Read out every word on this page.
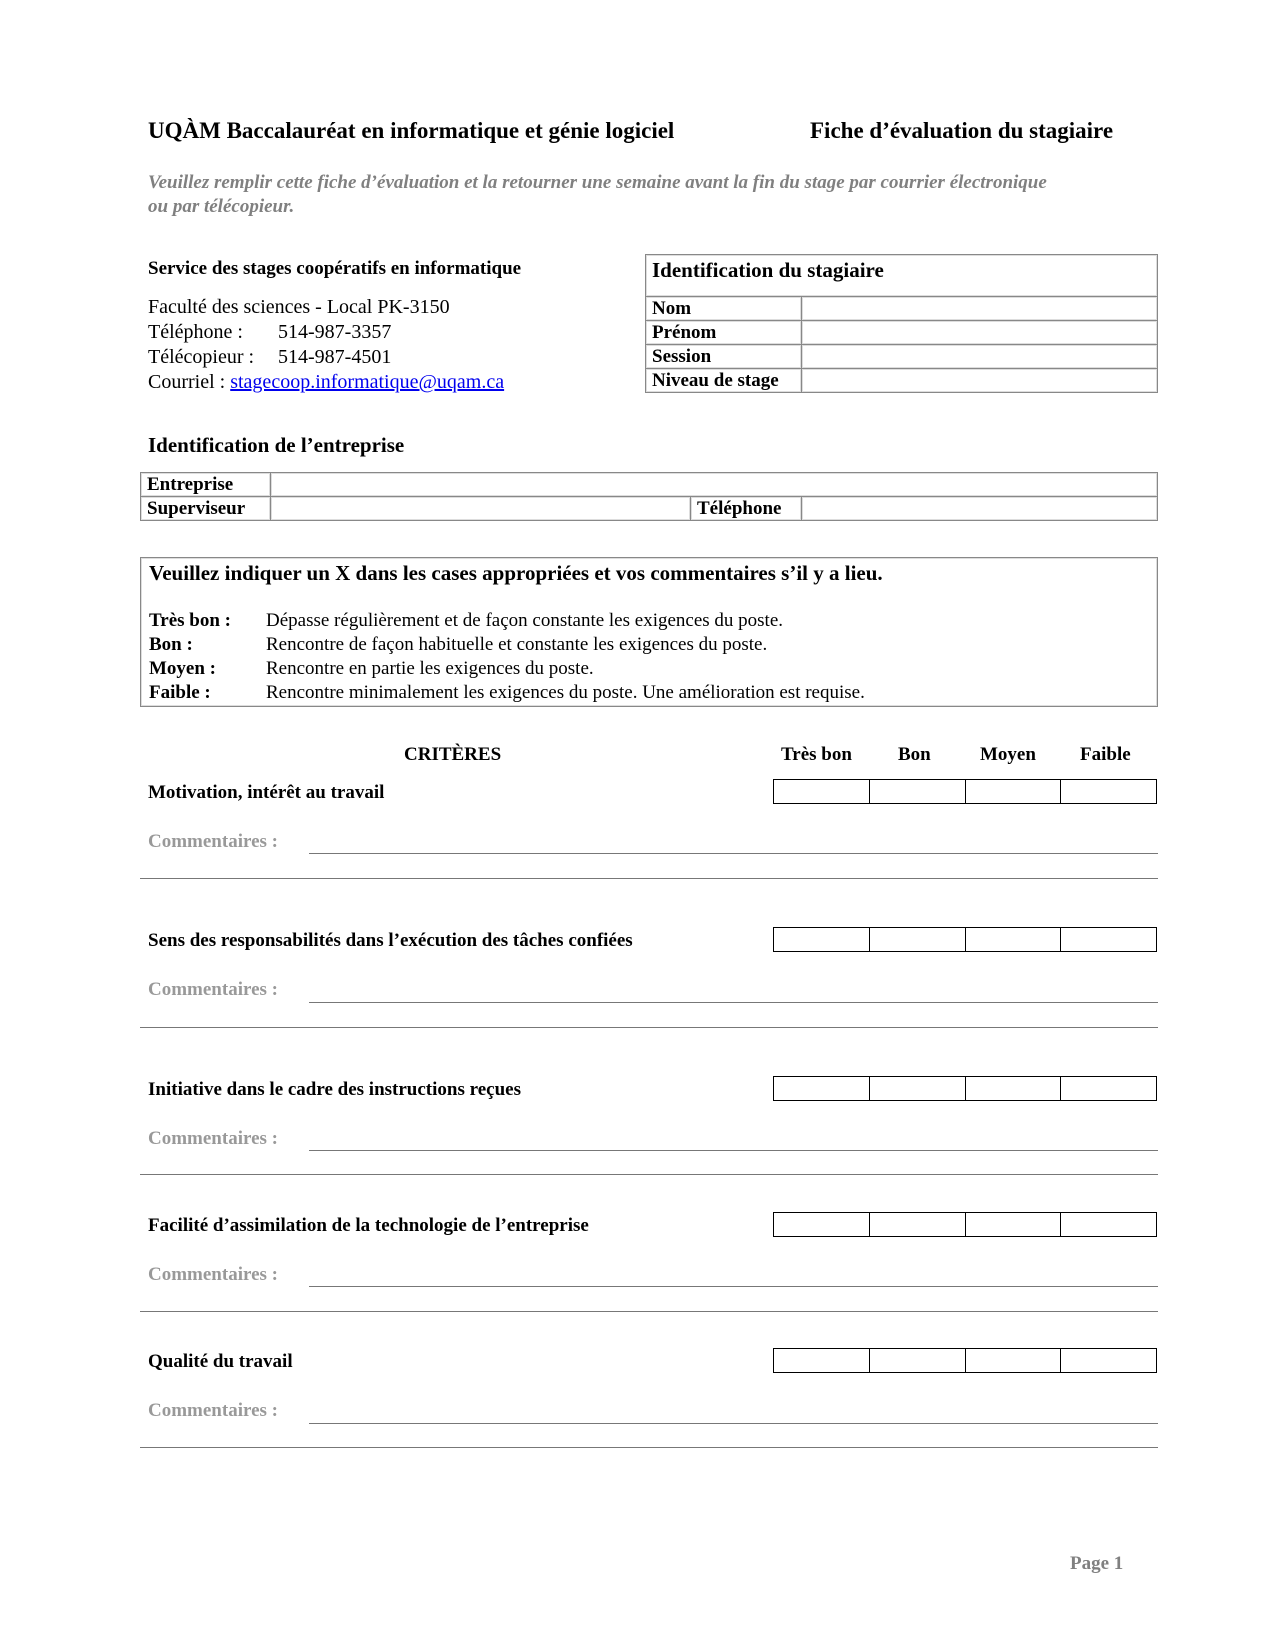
UQÀM Baccalauréat en informatique et génie logiciel	Fiche d’évaluation du stagiaire
Veuillez remplir cette fiche d’évaluation et la retourner une semaine avant la fin du stage par courrier électronique
ou par télécopieur.
Service des stages coopératifs en informatique
Faculté des sciences - Local PK-3150
Téléphone : 514-987-3357
Télécopieur : 514-987-4501
Courriel : stagecoop.informatique@uqam.ca
Identification du stagiaire	
Nom	
Prénom	
Session	
Niveau de stage	
Identification de l’entreprise
Entreprise			
Superviseur		Téléphone	
Veuillez indiquer un X dans les cases appropriées et vos commentaires s’il y a lieu.
Très bon : Dépasse régulièrement et de façon constante les exigences du poste.
Bon :	Rencontre de façon habituelle et constante les exigences du poste.
Moyen :	Rencontre en partie les exigences du poste.
Faible :	Rencontre minimalement les exigences du poste. Une amélioration est requise.
CRITÈRES	Très bon Bon	Moyen Faible
Motivation, intérêt au travail
Commentaires :
Sens des responsabilités dans l’exécution des tâches confiées
Commentaires :
Initiative dans le cadre des instructions reçues
Commentaires :
Facilité d’assimilation de la technologie de l’entreprise
Commentaires :
Qualité du travail
Commentaires :
Page 1
